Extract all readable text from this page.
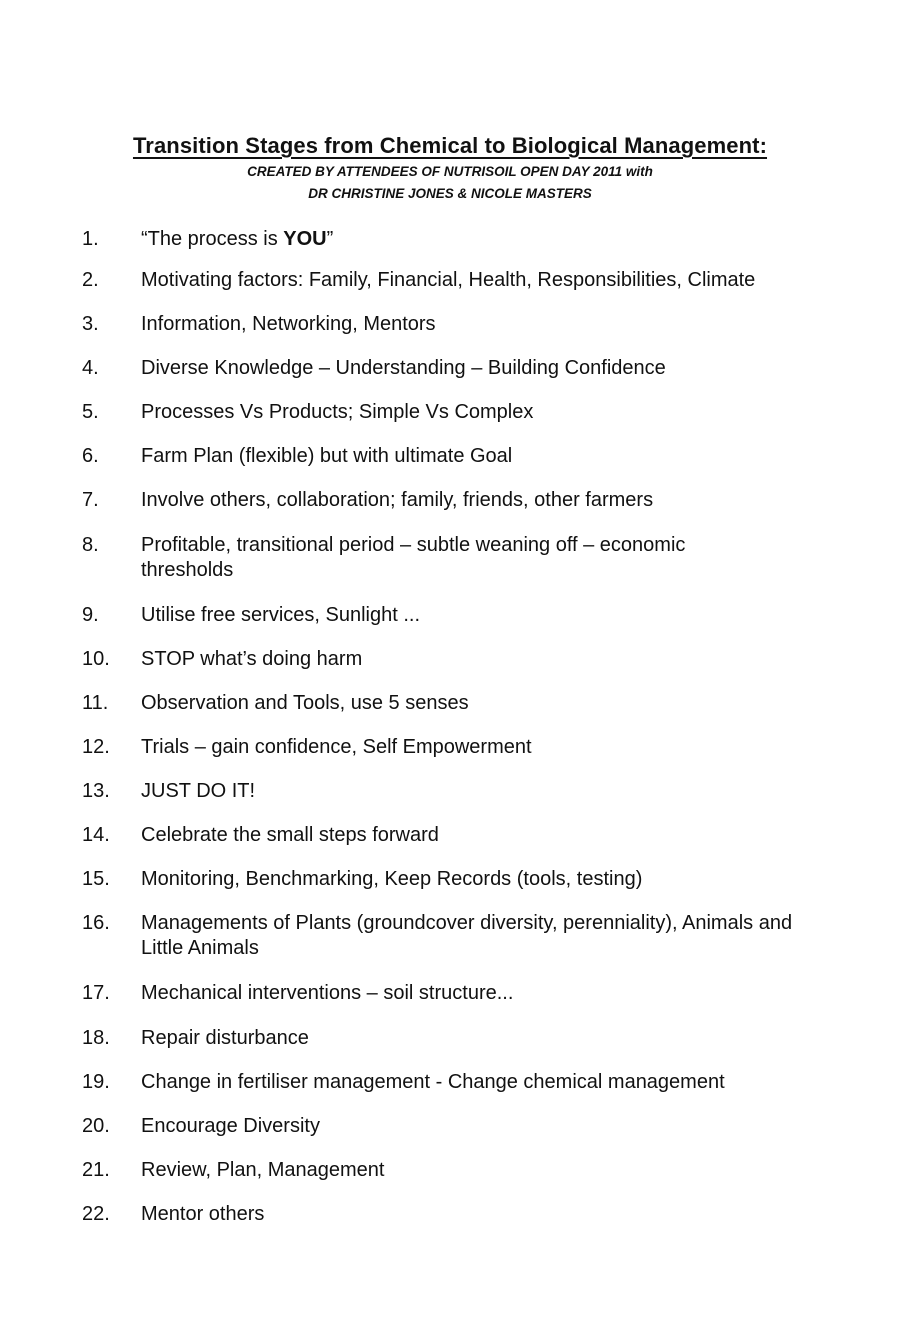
Transition Stages from Chemical to Biological Management:

CREATED BY ATTENDEES OF NUTRISOIL OPEN DAY 2011 with

DR CHRISTINE JONES & NICOLE MASTERS

1.	“The process is YOU”
2.	Motivating factors: Family, Financial, Health, Responsibilities, Climate
3.	Information, Networking, Mentors
4.	Diverse Knowledge – Understanding – Building Confidence
5.	Processes Vs Products; Simple Vs Complex
6.	Farm Plan (flexible) but with ultimate Goal
7.	Involve others, collaboration; family, friends, other farmers
8.	Profitable, transitional period – subtle weaning off – economic thresholds
9.	Utilise free services, Sunlight ...
10.	STOP what’s doing harm
11.	Observation and Tools, use 5 senses
12.	Trials – gain confidence, Self Empowerment
13.	JUST DO IT!
14.	Celebrate the small steps forward
15.	Monitoring, Benchmarking, Keep Records (tools, testing)
16.	Managements of Plants (groundcover diversity, perenniality), Animals and Little Animals
17.	Mechanical interventions – soil structure...
18.	Repair disturbance
19.	Change in fertiliser management - Change chemical management
20.	Encourage Diversity
21.	Review, Plan, Management
22.	Mentor others
